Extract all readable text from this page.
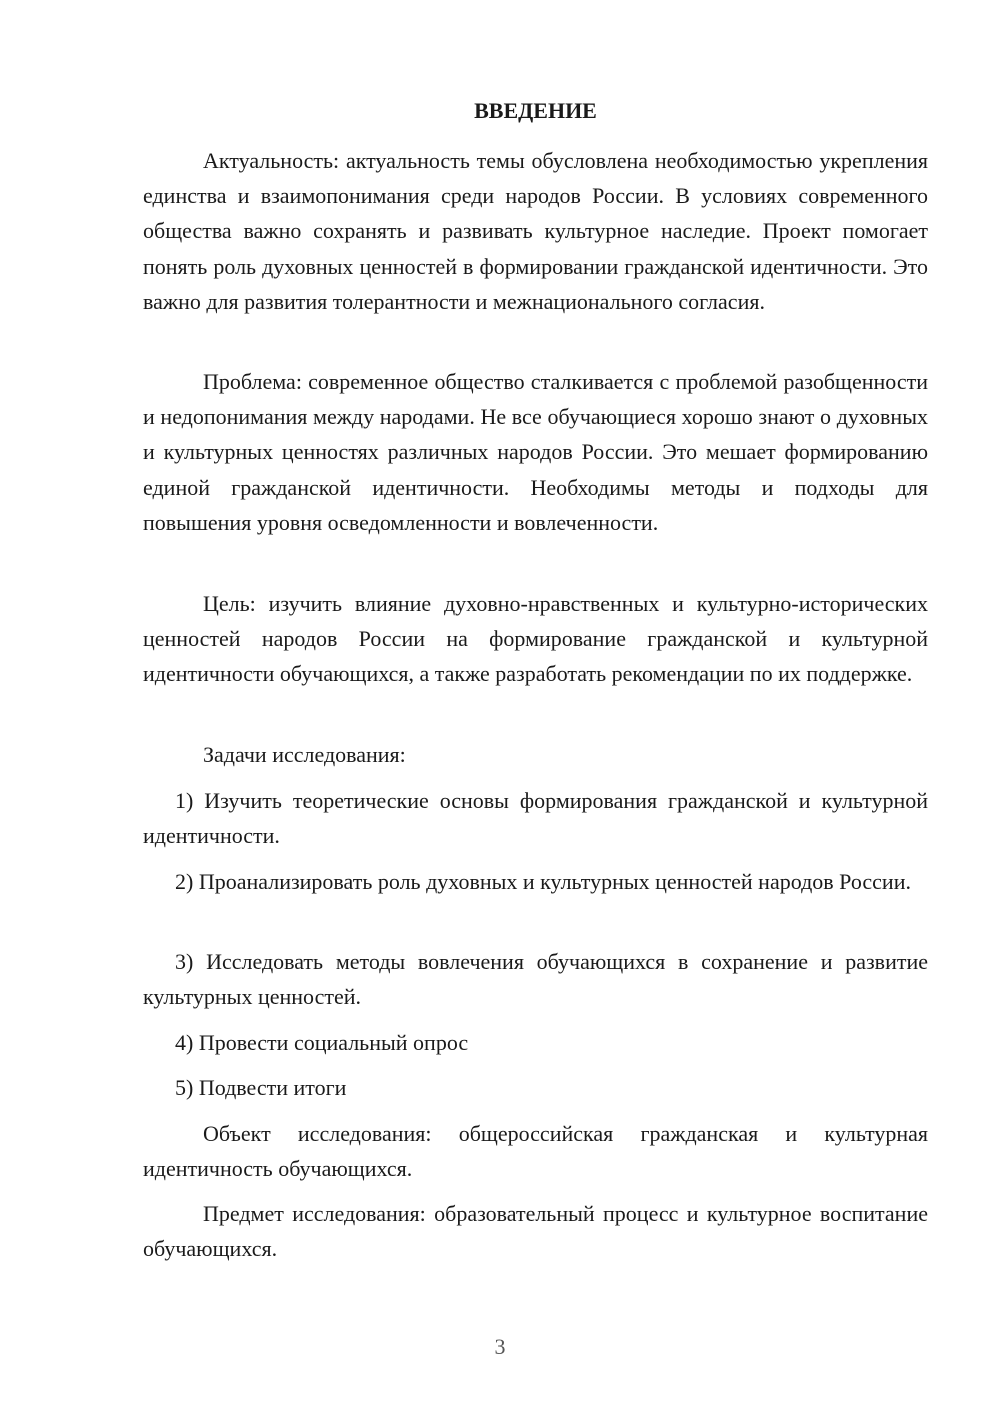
ВВЕДЕНИЕ

Актуальность: актуальность темы обусловлена необходимостью укрепления единства и взаимопонимания среди народов России. В условиях современного общества важно сохранять и развивать культурное наследие. Проект помогает понять роль духовных ценностей в формировании гражданской идентичности. Это важно для развития толерантности и межнационального согласия.

Проблема: современное общество сталкивается с проблемой разобщенности и недопонимания между народами. Не все обучающиеся хорошо знают о духовных и культурных ценностях различных народов России. Это мешает формированию единой гражданской идентичности. Необходимы методы и подходы для повышения уровня осведомленности и вовлеченности.

Цель: изучить влияние духовно-нравственных и культурно-исторических ценностей народов России на формирование гражданской и культурной идентичности обучающихся, а также разработать рекомендации по их поддержке.

Задачи исследования:

1) Изучить теоретические основы формирования гражданской и культурной идентичности.

2) Проанализировать роль духовных и культурных ценностей народов России.

3) Исследовать методы вовлечения обучающихся в сохранение и развитие культурных ценностей.

4) Провести социальный опрос

5) Подвести итоги

Объект исследования: общероссийская гражданская и культурная идентичность обучающихся.

Предмет исследования: образовательный процесс и культурное воспитание обучающихся.

3
